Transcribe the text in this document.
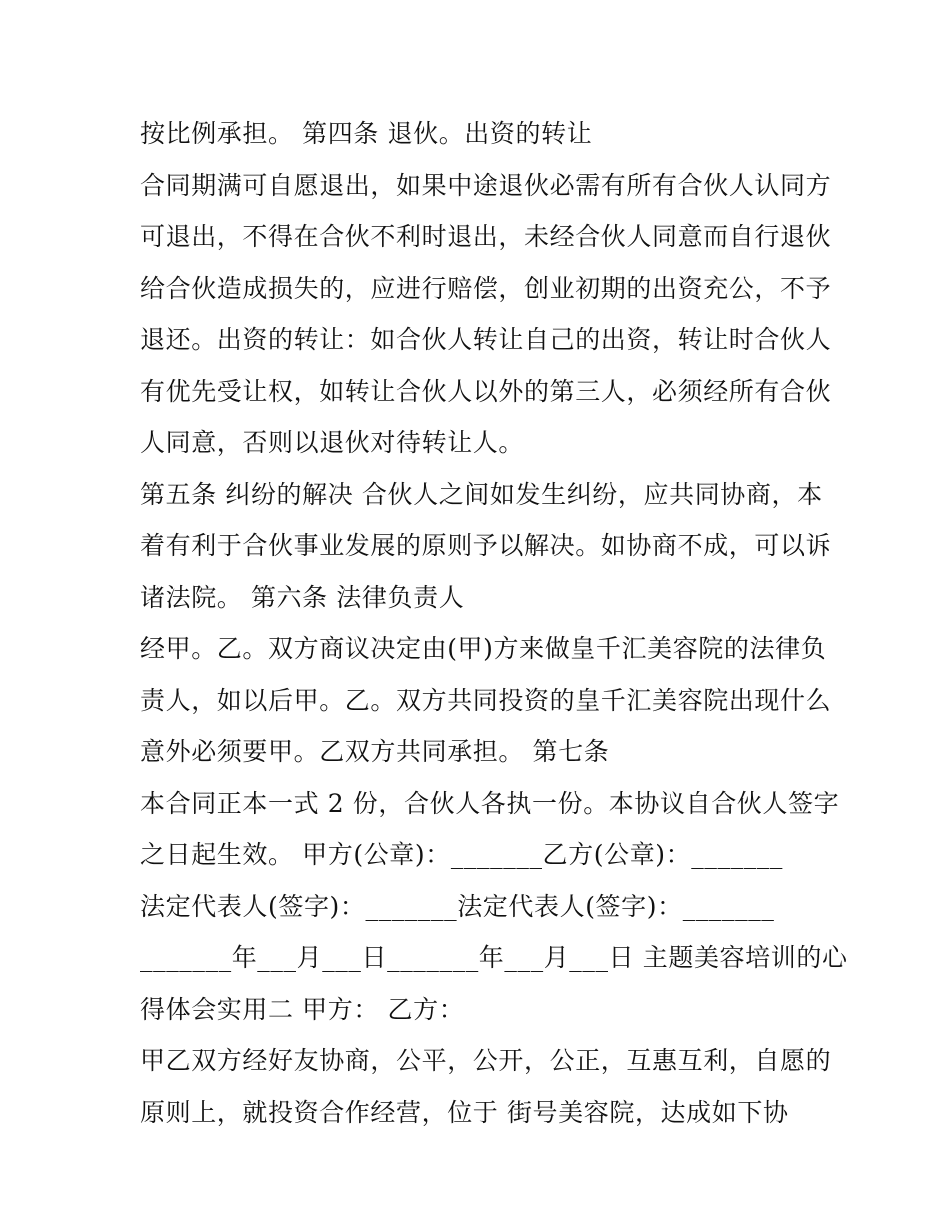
按比例承担。 第四条 退伙。出资的转让
合同期满可自愿退出，如果中途退伙必需有所有合伙人认同方
可退出，不得在合伙不利时退出，未经合伙人同意而自行退伙
给合伙造成损失的，应进行赔偿，创业初期的出资充公，不予
退还。出资的转让：如合伙人转让自己的出资，转让时合伙人
有优先受让权，如转让合伙人以外的第三人，必须经所有合伙
人同意，否则以退伙对待转让人。
第五条 纠纷的解决 合伙人之间如发生纠纷，应共同协商，本
着有利于合伙事业发展的原则予以解决。如协商不成，可以诉
诸法院。 第六条 法律负责人
经甲。乙。双方商议决定由(甲)方来做皇千汇美容院的法律负
责人，如以后甲。乙。双方共同投资的皇千汇美容院出现什么
意外必须要甲。乙双方共同承担。 第七条
本合同正本一式 2 份，合伙人各执一份。本协议自合伙人签字
之日起生效。 甲方(公章)：_______乙方(公章)：_______
法定代表人(签字)：_______法定代表人(签字)：_______
_______年___月___日_______年___月___日 主题美容培训的心
得体会实用二 甲方： 乙方：
甲乙双方经好友协商，公平，公开，公正，互惠互利，自愿的
原则上，就投资合作经营，位于 街号美容院，达成如下协
